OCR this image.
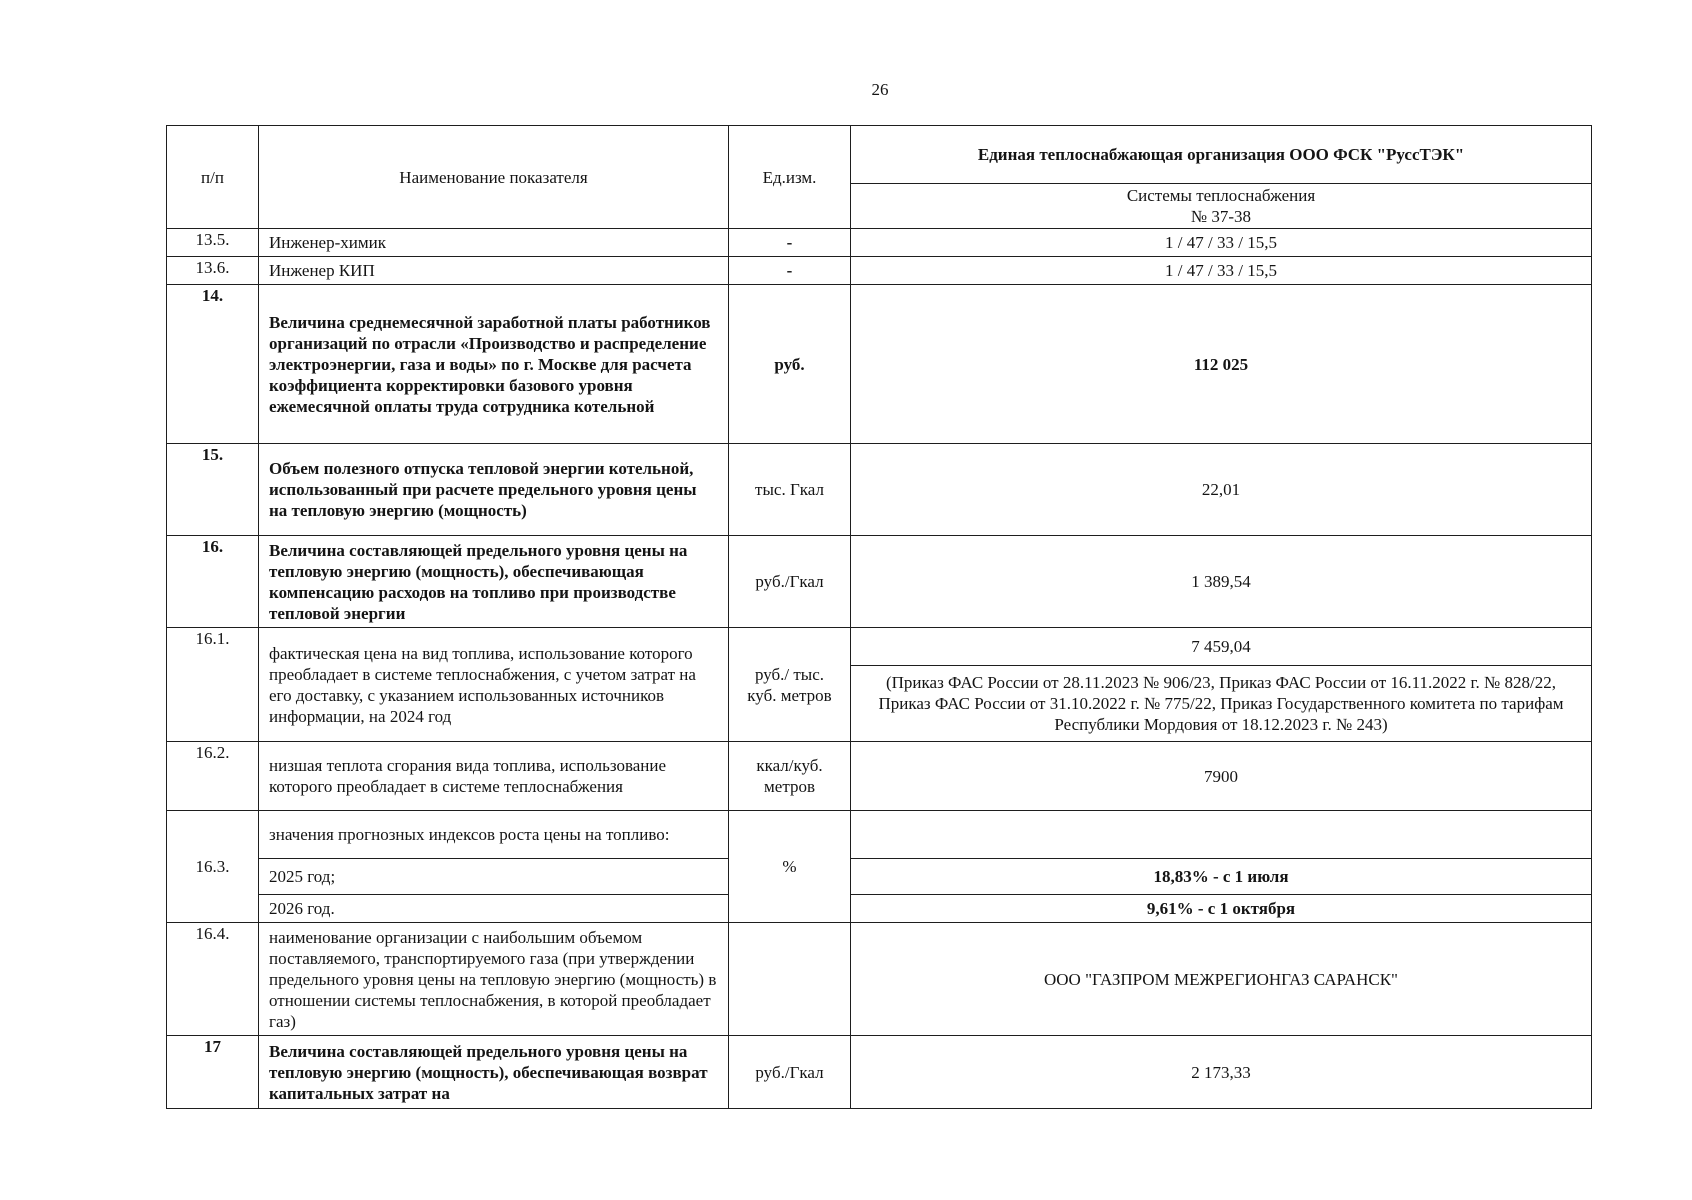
26
п/п	Наименование показателя	Ед.изм.	Единая теплоснабжающая организация ООО ФСК "РуссТЭК"

			Системы теплоснабжения
№ 37-38

13.5.	Инженер-химик	-	1 / 47 / 33 / 15,5
13.6.	Инженер КИП	-	1 / 47 / 33 / 15,5
14.	Величина среднемесячной заработной платы работников организаций по отрасли «Производство и распределение электроэнергии, газа и воды» по г. Москве для расчета коэффициента корректировки базового уровня ежемесячной оплаты труда сотрудника котельной	руб.	112 025
15.	Объем полезного отпуска тепловой энергии котельной, использованный при расчете предельного уровня цены на тепловую энергию (мощность)	тыс. Гкал	22,01
16.	Величина составляющей предельного уровня цены на тепловую энергию (мощность), обеспечивающая компенсацию расходов на топливо при производстве тепловой энергии	руб./Гкал	1 389,54
16.1.	фактическая цена на вид топлива, использование которого преобладает в системе теплоснабжения, с учетом затрат на его доставку, с указанием использованных источников информации, на 2024 год	руб./ тыс. куб. метров	7 459,04
			(Приказ ФАС России от 28.11.2023 № 906/23, Приказ ФАС России от 16.11.2022 г. № 828/22, Приказ ФАС России от 31.10.2022 г. № 775/22, Приказ Государственного комитета по тарифам Республики Мордовия от 18.12.2023 г. № 243)
16.2.	низшая теплота сгорания вида топлива, использование которого преобладает в системе теплоснабжения	ккал/куб. метров	7900
16.3.	значения прогнозных индексов роста цены на топливо:	%	
	2025 год;		18,83% - с 1 июля
	2026 год.		9,61% - с 1 октября
16.4.	наименование организации с наибольшим объемом поставляемого, транспортируемого газа (при утверждении предельного уровня цены на тепловую энергию (мощность) в отношении системы теплоснабжения, в которой преобладает газ)		ООО "ГАЗПРОМ МЕЖРЕГИОНГАЗ САРАНСК"
17	Величина составляющей предельного уровня цены на тепловую энергию (мощность), обеспечивающая возврат капитальных затрат на	руб./Гкал	2 173,33
